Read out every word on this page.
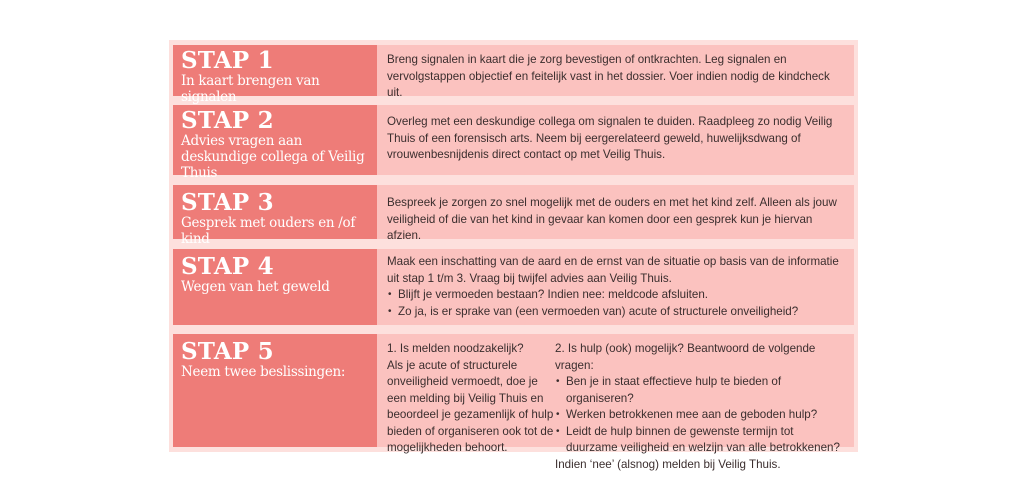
STAP 1
In kaart brengen van signalen

Breng signalen in kaart die je zorg bevestigen of ontkrachten. Leg signalen en vervolgstappen objectief en feitelijk vast in het dossier. Voer indien nodig de kindcheck uit.

STAP 2
Advies vragen aan deskundige collega of Veilig Thuis

Overleg met een deskundige collega om signalen te duiden. Raadpleeg zo nodig Veilig Thuis of een forensisch arts. Neem bij eergerelateerd geweld, huwelijksdwang of vrouwenbesnijdenis direct contact op met Veilig Thuis.

STAP 3
Gesprek met ouders en /of kind

Bespreek je zorgen zo snel mogelijk met de ouders en met het kind zelf. Alleen als jouw veiligheid of die van het kind in gevaar kan komen door een gesprek kun je hiervan afzien.

STAP 4
Wegen van het geweld

Maak een inschatting van de aard en de ernst van de situatie op basis van de informatie uit stap 1 t/m 3. Vraag bij twijfel advies aan Veilig Thuis.

• Blijft je vermoeden bestaan? Indien nee: meldcode afsluiten.
• Zo ja, is er sprake van (een vermoeden van) acute of structurele onveiligheid?
STAP 5
Neem twee beslissingen:

1. Is melden noodzakelijk?

Als je acute of structurele onveiligheid vermoedt, doe je een melding bij Veilig Thuis en beoordeel je gezamenlijk of hulp bieden of organiseren ook tot de mogelijkheden behoort.

2. Is hulp (ook) mogelijk? Beantwoord de volgende vragen:

• Ben je in staat effectieve hulp te bieden of organiseren?
• Werken betrokkenen mee aan de geboden hulp?
• Leidt de hulp binnen de gewenste termijn tot duurzame veiligheid en welzijn van alle betrokkenen?

Indien ‘nee’ (alsnog) melden bij Veilig Thuis.
